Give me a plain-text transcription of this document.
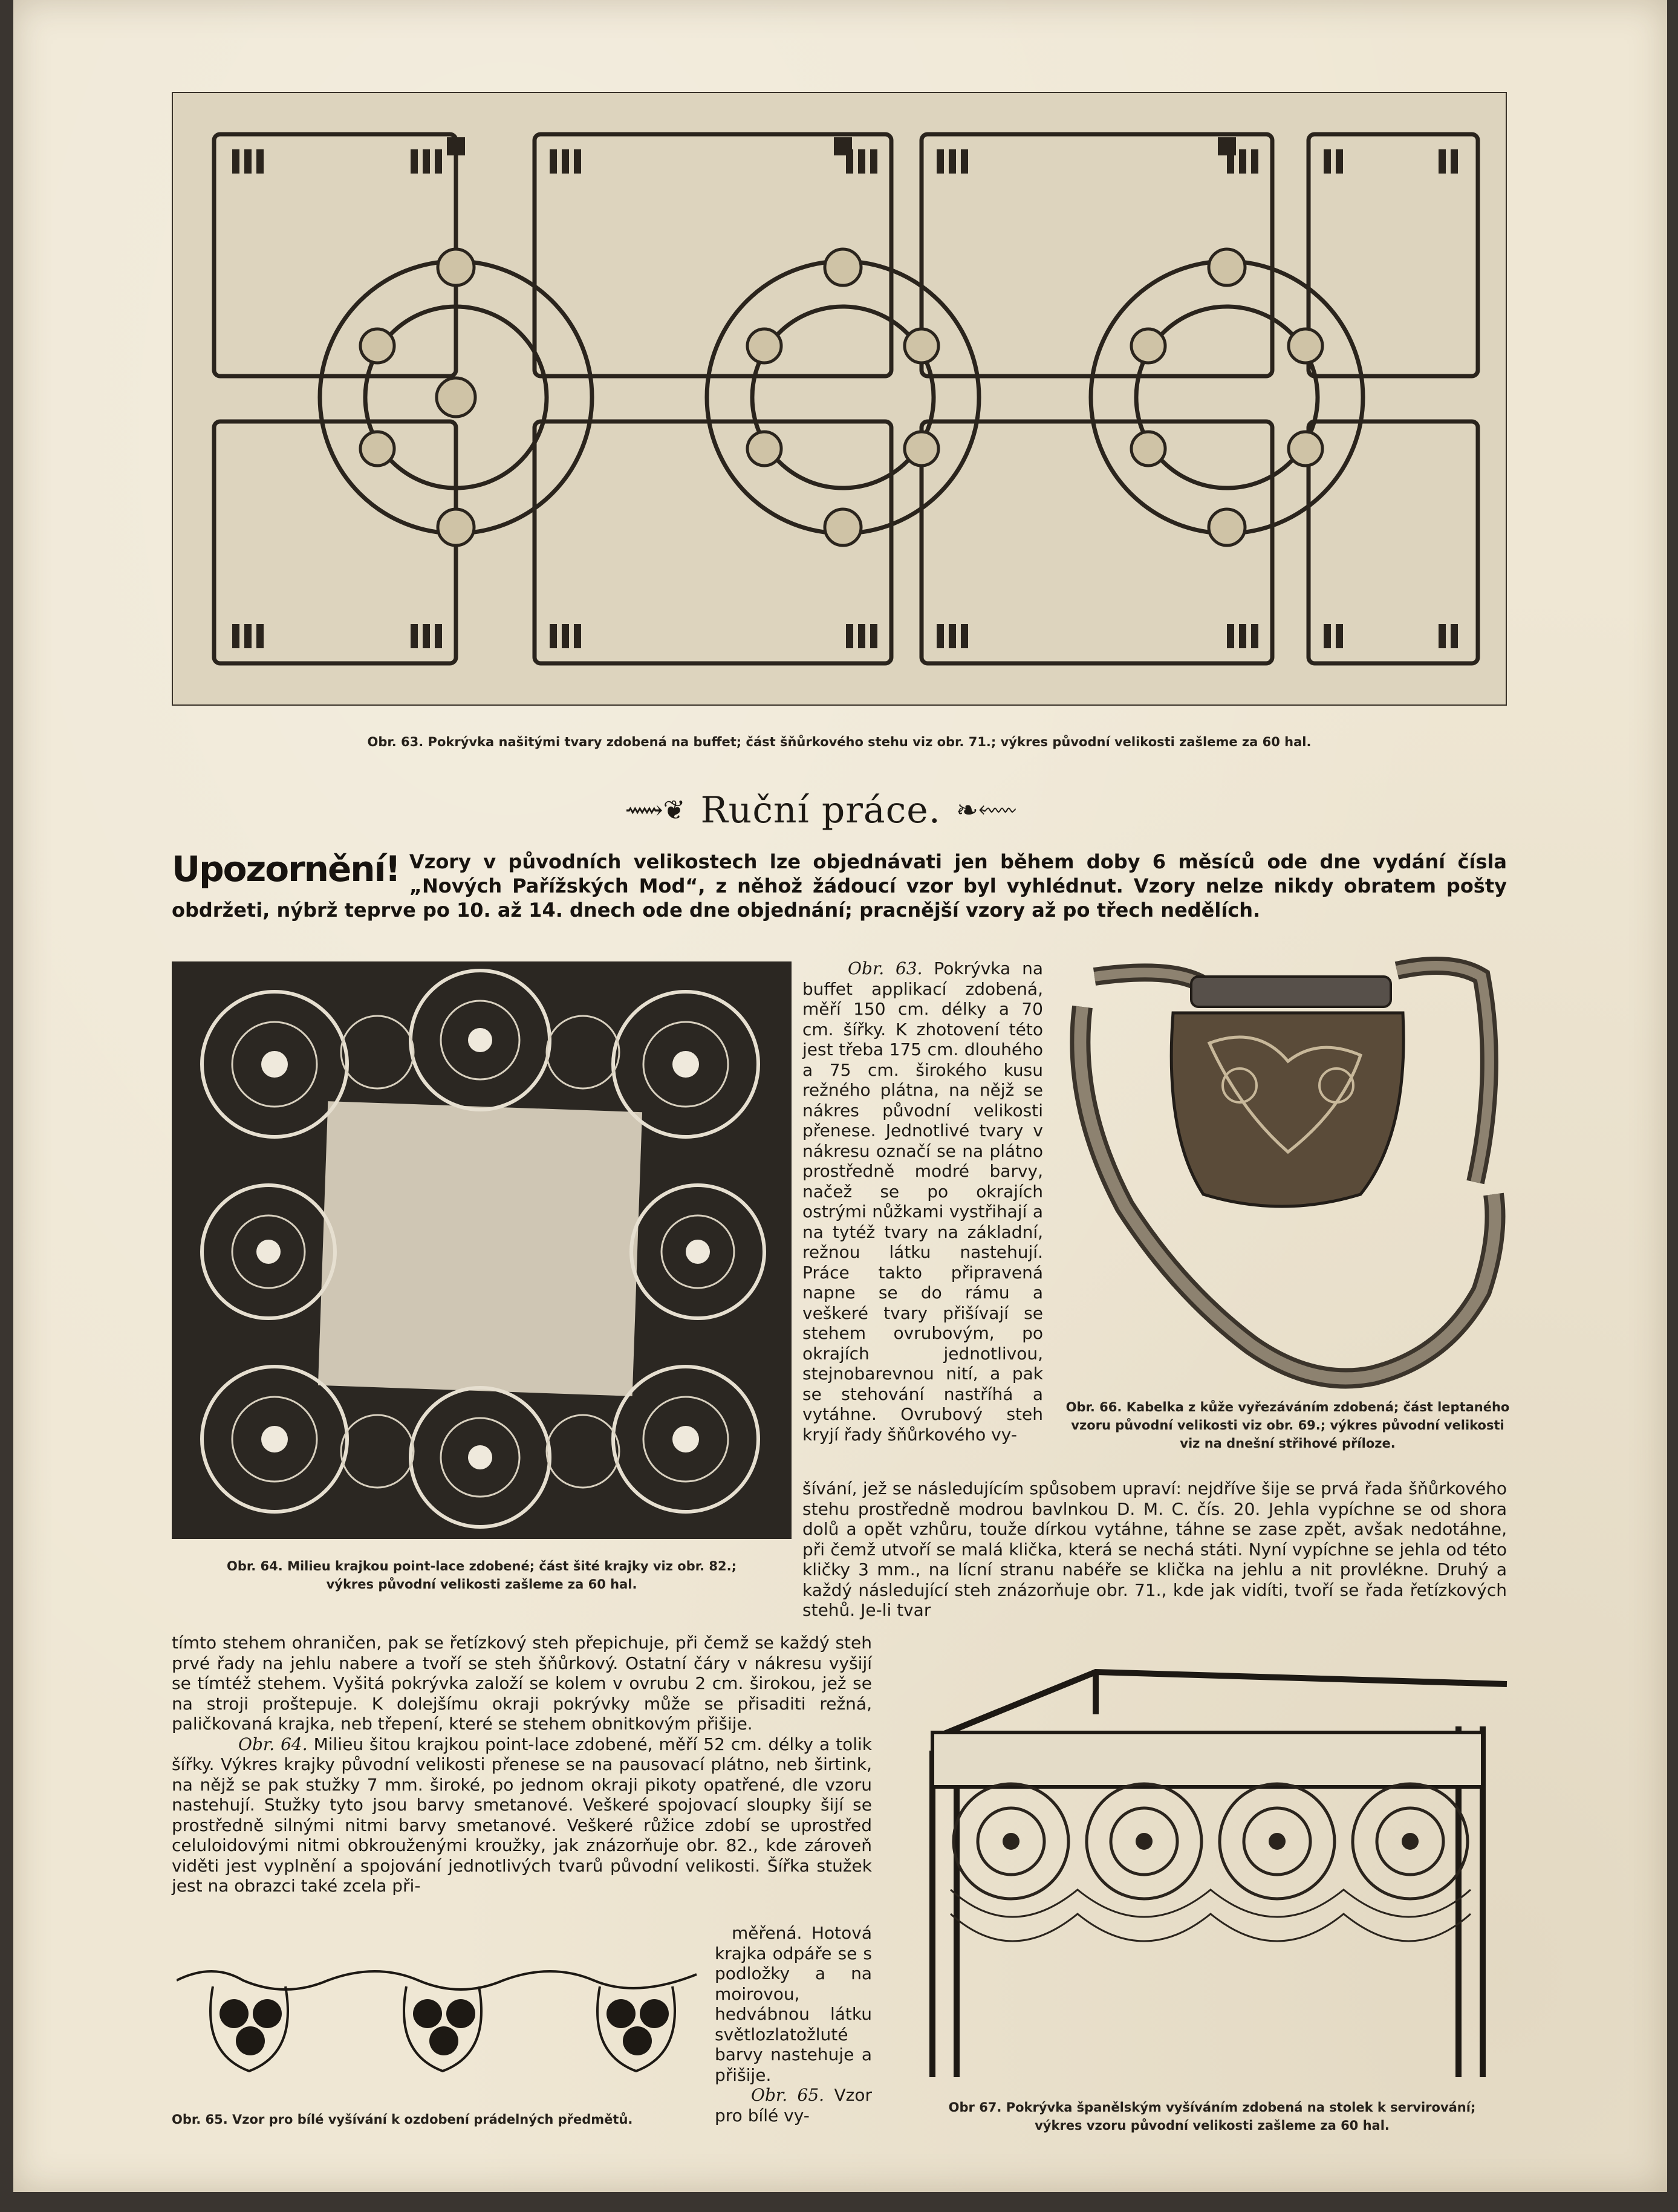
Obr. 63. Pokrývka našitými tvary zdobená na buffet; část šňůrkového stehu viz obr. 71.; výkres původní velikosti zašleme za 60 hal.
⟿❦ Ruční práce. ❧⬳
Upozornění! Vzory v původních velikostech lze objednávati jen během doby 6 měsíců ode dne vydání čísla „Nových Pařížských Mod“, z něhož žádoucí vzor byl vyhlédnut. Vzory nelze nikdy obratem pošty obdržeti, nýbrž teprve po 10. až 14. dnech ode dne objednání; pracnější vzory až po třech nedělích.
Obr. 64. Milieu krajkou point-lace zdobené; část šité krajky viz obr. 82.;
výkres původní velikosti zašleme za 60 hal.

Obr. 63. Pokrývka na buffet applikací zdobená, měří 150 cm. délky a 70 cm. šířky. K zhotovení této jest třeba 175 cm. dlouhého a 75 cm. širokého kusu režného plátna, na nějž se nákres původní velikosti přenese. Jednotlivé tvary v nákresu označí se na plátno prostředně modré barvy, načež se po okrajích ostrými nůžkami vystřihají a na tytéž tvary na základní, režnou látku nastehují. Práce takto připravená napne se do rámu a veškeré tvary přišívají se stehem ovrubovým, po okrajích jednotlivou, stejnobarevnou nití, a pak se stehování nastříhá a vytáhne. Ovrubový steh kryjí řady šňůrkového vy-

Obr. 66. Kabelka z kůže vyřezáváním zdobená; část leptaného vzoru původní velikosti viz obr. 69.; výkres původní velikosti viz na dnešní střihové příloze.

šívání, jež se následujícím spůsobem upraví: nejdříve šije se prvá řada šňůrkového stehu prostředně modrou bavlnkou D. M. C. čís. 20. Jehla vypíchne se od shora dolů a opět vzhůru, touže dírkou vytáhne, táhne se zase zpět, avšak nedotáhne, při čemž utvoří se malá klička, která se nechá státi. Nyní vypíchne se jehla od této kličky 3 mm., na lícní stranu nabéře se klička na jehlu a nit provlékne. Druhý a každý následující steh znázorňuje obr. 71., kde jak vidíti, tvoří se řada řetízkových stehů. Je-li tvar

tímto stehem ohraničen, pak se řetízkový steh přepichuje, při čemž se každý steh prvé řady na jehlu nabere a tvoří se steh šňůrkový. Ostatní čáry v nákresu vyšijí se tímtéž stehem. Vyšitá pokrývka založí se kolem v ovrubu 2 cm. širokou, jež se na stroji proštepuje. K dolejšímu okraji pokrývky může se přisaditi režná, paličkovaná krajka, neb třepení, které se stehem obnitkovým přišije.

Obr. 64. Milieu šitou krajkou point-lace zdobené, měří 52 cm. délky a tolik šířky. Výkres krajky původní velikosti přenese se na pausovací plátno, neb širtink, na nějž se pak stužky 7 mm. široké, po jednom okraji pikoty opatřené, dle vzoru nastehují. Stužky tyto jsou barvy smetanové. Veškeré spojovací sloupky šijí se prostředně silnými nitmi barvy smetanové. Veškeré růžice zdobí se uprostřed celuloidovými nitmi obkrouženými kroužky, jak znázorňuje obr. 82., kde zároveň viděti jest vyplnění a spojování jednotlivých tvarů původní velikosti. Šířka stužek jest na obrazci také zcela při-

měřená. Hotová krajka odpáře se s podložky a na moirovou, hedvábnou látku světlozlatožluté barvy nastehuje a přišije.

Obr. 65. Vzor pro bílé vy-

Obr. 65. Vzor pro bílé vyšívání k ozdobení prádelných předmětů.
Obr 67. Pokrývka španělským vyšíváním zdobená na stolek k servirování;
výkres vzoru původní velikosti zašleme za 60 hal.
